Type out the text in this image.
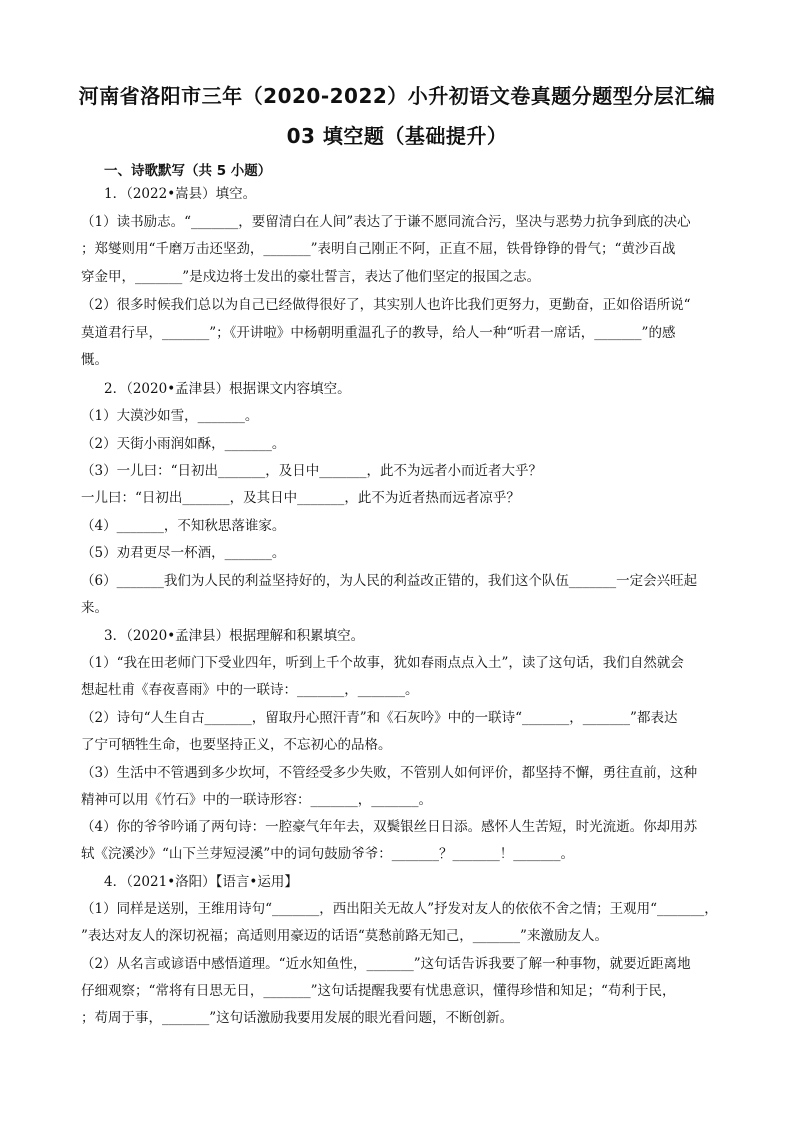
河南省洛阳市三年（2020-2022）小升初语文卷真题分题型分层汇编
03 填空题（基础提升）
一、诗歌默写（共 5 小题）
1．（2022•嵩县）填空。
（1）读书励志。“_______，要留清白在人间”表达了于谦不愿同流合污，坚决与恶势力抗争到底的决心
；郑燮则用“千磨万击还坚劲，_______”表明自己刚正不阿，正直不屈，铁骨铮铮的骨气；“黄沙百战
穿金甲，_______”是戍边将士发出的豪壮誓言，表达了他们坚定的报国之志。
（2）很多时候我们总以为自己已经做得很好了，其实别人也许比我们更努力，更勤奋，正如俗语所说“
莫道君行早，_______”；《开讲啦》中杨朝明重温孔子的教导，给人一种“听君一席话，_______”的感
慨。
2．（2020•孟津县）根据课文内容填空。
（1）大漠沙如雪，_______。
（2）天街小雨润如酥，_______。
（3）一儿曰：“日初出_______，及日中_______，此不为远者小而近者大乎？
一儿曰：“日初出_______，及其日中_______，此不为近者热而远者凉乎？
（4）_______，不知秋思落谁家。
（5）劝君更尽一杯酒，_______。
（6）_______我们为人民的利益坚持好的，为人民的利益改正错的，我们这个队伍_______一定会兴旺起
来。
3．（2020•孟津县）根据理解和积累填空。
（1）“我在田老师门下受业四年，听到上千个故事，犹如春雨点点入土”，读了这句话，我们自然就会
想起杜甫《春夜喜雨》中的一联诗：_______，_______。
（2）诗句“人生自古_______，留取丹心照汗青”和《石灰吟》中的一联诗“_______，_______”都表达
了宁可牺牲生命，也要坚持正义，不忘初心的品格。
（3）生活中不管遇到多少坎坷，不管经受多少失败，不管别人如何评价，都坚持不懈，勇往直前，这种
精神可以用《竹石》中的一联诗形容：_______，_______。
（4）你的爷爷吟诵了两句诗：一腔豪气年年去，双鬓银丝日日添。感怀人生苦短，时光流逝。你却用苏
轼《浣溪沙》“山下兰芽短浸溪”中的词句鼓励爷爷：_______？_______！_______。
4．（2021•洛阳）【语言•运用】
（1）同样是送别，王维用诗句“_______，西出阳关无故人”抒发对友人的依依不舍之情；王观用“_______，
”表达对友人的深切祝福；高适则用豪迈的话语“莫愁前路无知己，_______”来激励友人。
（2）从名言或谚语中感悟道理。“近水知鱼性，_______”这句话告诉我要了解一种事物，就要近距离地
仔细观察；“常将有日思无日，_______”这句话提醒我要有忧患意识，懂得珍惜和知足；“苟利于民，
；苟周于事，_______”这句话激励我要用发展的眼光看问题，不断创新。
